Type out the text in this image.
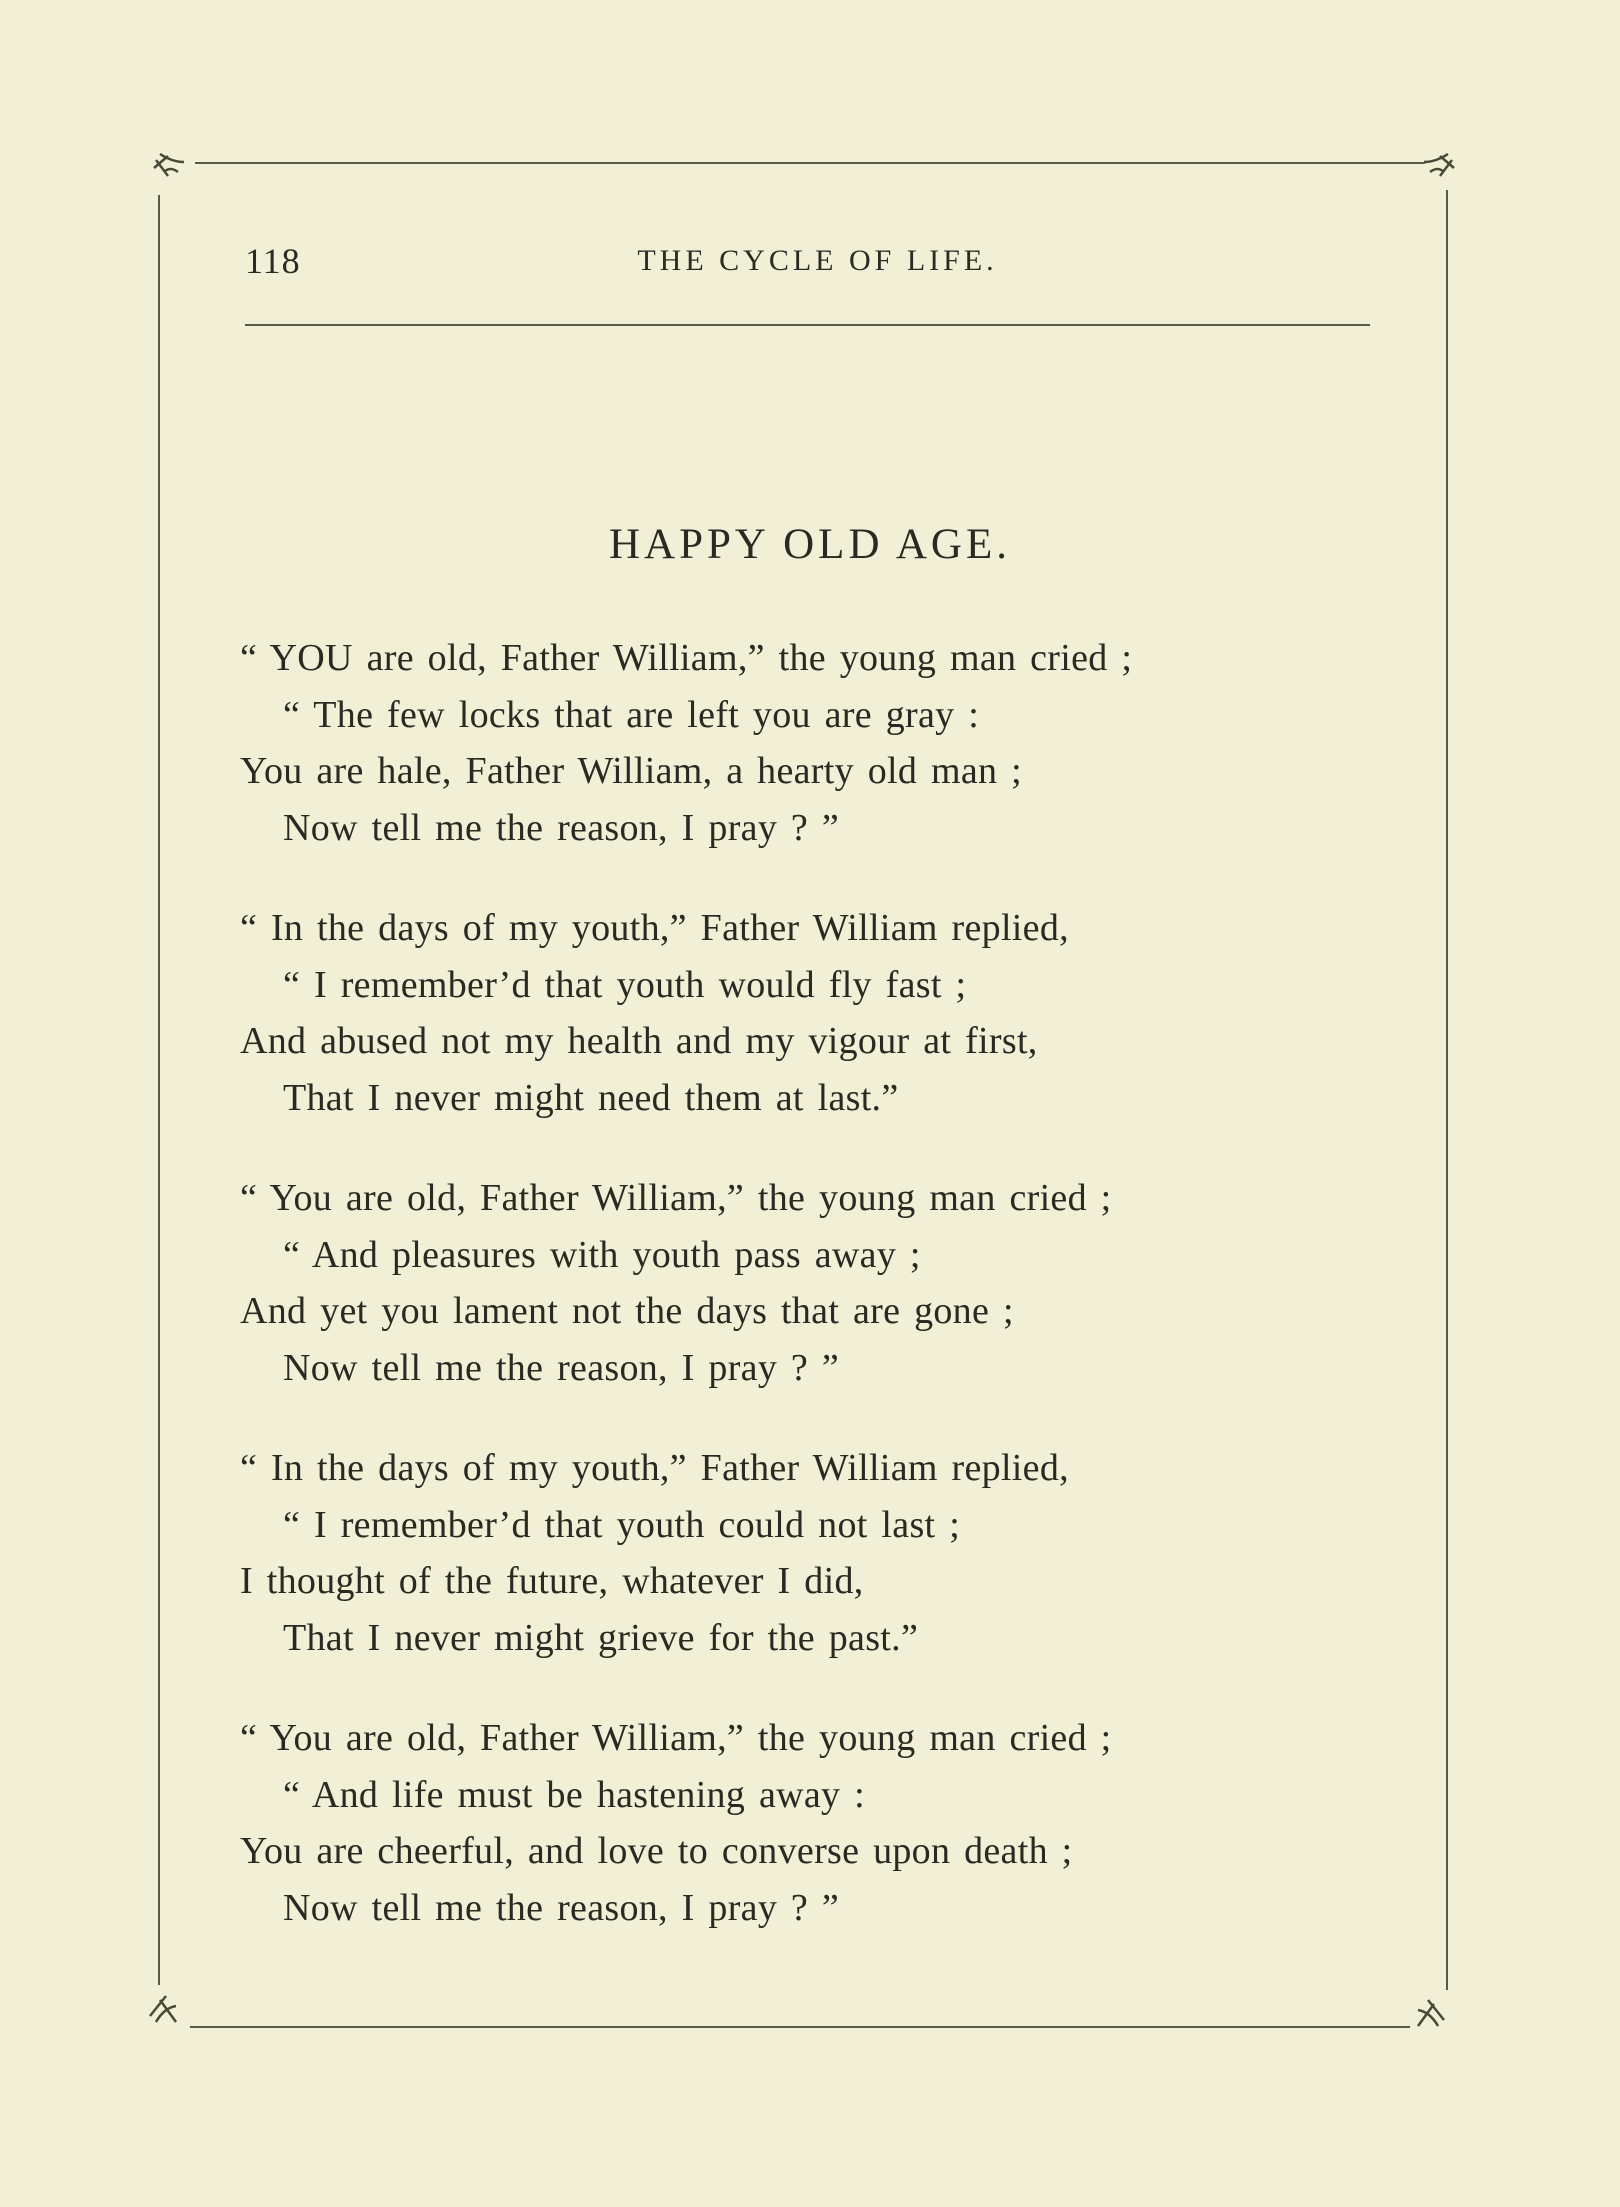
118	THE CYCLE OF LIFE.
HAPPY OLD AGE.
“ YOU are old, Father William,” the young man cried ;
“ The few locks that are left you are gray :
You are hale, Father William, a hearty old man ;
Now tell me the reason, I pray ? ”
“ In the days of my youth,” Father William replied,
“ I remember’d that youth would fly fast ;
And abused not my health and my vigour at first,
That I never might need them at last.”
“ You are old, Father William,” the young man cried ;
“ And pleasures with youth pass away ;
And yet you lament not the days that are gone ;
Now tell me the reason, I pray ? ”
“ In the days of my youth,” Father William replied,
“ I remember’d that youth could not last ;
I thought of the future, whatever I did,
That I never might grieve for the past.”
“ You are old, Father William,” the young man cried ;
“ And life must be hastening away :
You are cheerful, and love to converse upon death ;
Now tell me the reason, I pray ? ”
